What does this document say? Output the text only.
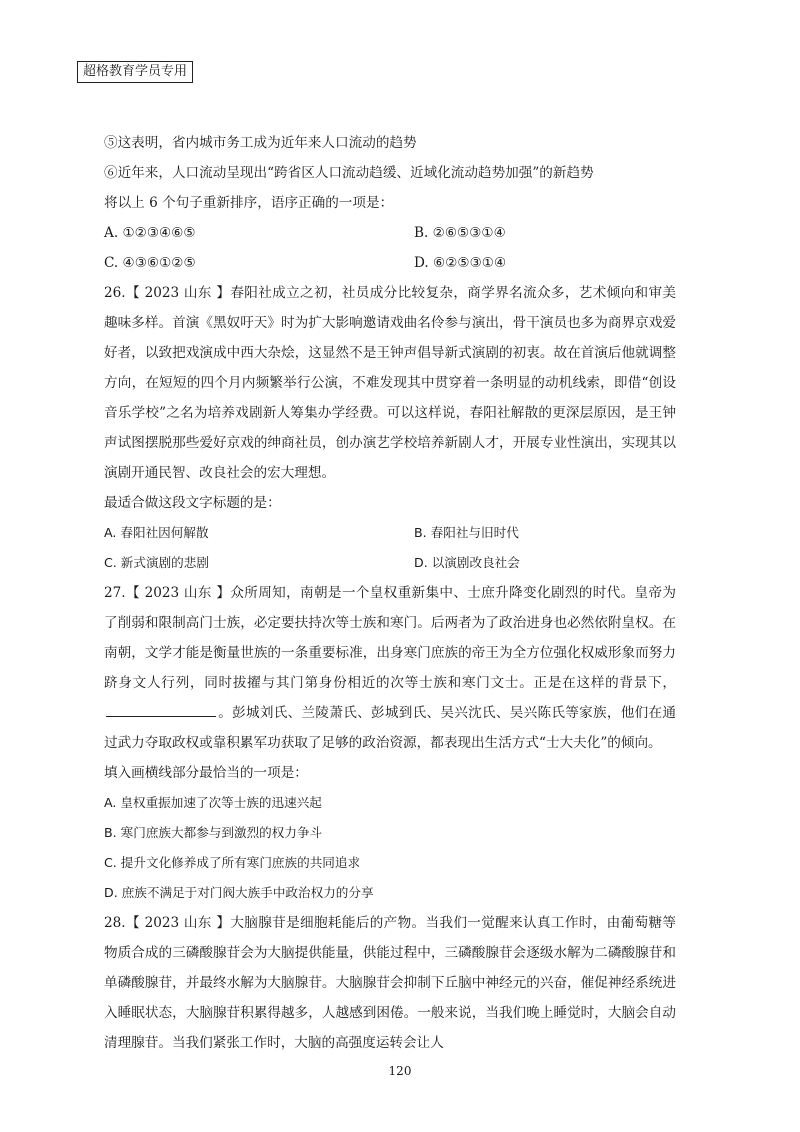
超格教育学员专用
⑤这表明，省内城市务工成为近年来人口流动的趋势
⑥近年来，人口流动呈现出“跨省区人口流动趋缓、近域化流动趋势加强”的新趋势
将以上 6 个句子重新排序，语序正确的一项是：
A. ①②③④⑥⑤	B. ②⑥⑤③①④
C. ④③⑥①②⑤	D. ⑥②⑤③①④
26.【 2023 山东 】春阳社成立之初，社员成分比较复杂，商学界名流众多，艺术倾向和审美趣味多样。首演《黑奴吁天》时为扩大影响邀请戏曲名伶参与演出，骨干演员也多为商界京戏爱好者，以致把戏演成中西大杂烩，这显然不是王钟声倡导新式演剧的初衷。故在首演后他就调整方向，在短短的四个月内频繁举行公演，不难发现其中贯穿着一条明显的动机线索，即借“创设音乐学校”之名为培养戏剧新人筹集办学经费。可以这样说，春阳社解散的更深层原因，是王钟声试图摆脱那些爱好京戏的绅商社员，创办演艺学校培养新剧人才，开展专业性演出，实现其以演剧开通民智、改良社会的宏大理想。
最适合做这段文字标题的是：
A. 春阳社因何解散	B. 春阳社与旧时代
C. 新式演剧的悲剧	D. 以演剧改良社会
27.【 2023 山东 】众所周知，南朝是一个皇权重新集中、士庶升降变化剧烈的时代。皇帝为了削弱和限制高门士族，必定要扶持次等士族和寒门。后两者为了政治进身也必然依附皇权。在南朝，文学才能是衡量世族的一条重要标准，出身寒门庶族的帝王为全方位强化权威形象而努力跻身文人行列，同时拔擢与其门第身份相近的次等士族和寒门文士。正是在这样的背景下，。彭城刘氏、兰陵萧氏、彭城到氏、吴兴沈氏、吴兴陈氏等家族，他们在通过武力夺取政权或靠积累军功获取了足够的政治资源，都表现出生活方式“士大夫化”的倾向。
填入画横线部分最恰当的一项是：
A. 皇权重振加速了次等士族的迅速兴起
B. 寒门庶族大都参与到激烈的权力争斗
C. 提升文化修养成了所有寒门庶族的共同追求
D. 庶族不满足于对门阀大族手中政治权力的分享
28.【 2023 山东 】大脑腺苷是细胞耗能后的产物。当我们一觉醒来认真工作时，由葡萄糖等物质合成的三磷酸腺苷会为大脑提供能量，供能过程中，三磷酸腺苷会逐级水解为二磷酸腺苷和单磷酸腺苷，并最终水解为大脑腺苷。大脑腺苷会抑制下丘脑中神经元的兴奋，催促神经系统进入睡眠状态，大脑腺苷积累得越多，人越感到困倦。一般来说，当我们晚上睡觉时，大脑会自动清理腺苷。当我们紧张工作时，大脑的高强度运转会让人
120
